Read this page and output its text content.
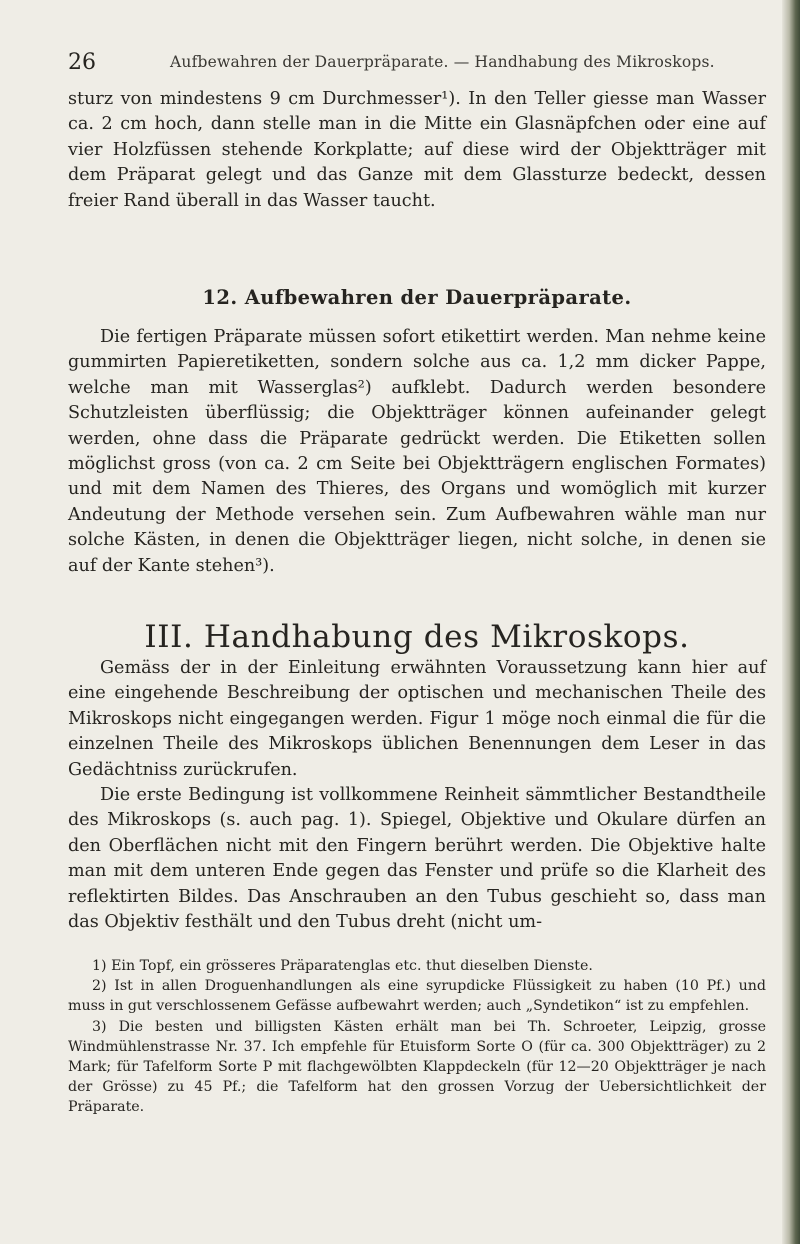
26	Aufbewahren der Dauerpräparate. — Handhabung des Mikroskops.

sturz von mindestens 9 cm Durchmesser¹). In den Teller giesse man Wasser ca. 2 cm hoch, dann stelle man in die Mitte ein Glasnäpfchen oder eine auf vier Holzfüssen stehende Korkplatte; auf diese wird der Objektträger mit dem Präparat gelegt und das Ganze mit dem Glassturze bedeckt, dessen freier Rand überall in das Wasser taucht.

12. Aufbewahren der Dauerpräparate.

Die fertigen Präparate müssen sofort etikettirt werden. Man nehme keine gummirten Papieretiketten, sondern solche aus ca. 1,2 mm dicker Pappe, welche man mit Wasserglas²) aufklebt. Dadurch werden besondere Schutzleisten überflüssig; die Objektträger können aufeinander gelegt werden, ohne dass die Präparate gedrückt werden. Die Etiketten sollen möglichst gross (von ca. 2 cm Seite bei Objektträgern englischen Formates) und mit dem Namen des Thieres, des Organs und womöglich mit kurzer Andeutung der Methode versehen sein. Zum Aufbewahren wähle man nur solche Kästen, in denen die Objektträger liegen, nicht solche, in denen sie auf der Kante stehen³).

III. Handhabung des Mikroskops.

Gemäss der in der Einleitung erwähnten Voraussetzung kann hier auf eine eingehende Beschreibung der optischen und mechanischen Theile des Mikroskops nicht eingegangen werden. Figur 1 möge noch einmal die für die einzelnen Theile des Mikroskops üblichen Benennungen dem Leser in das Gedächtniss zurückrufen.

Die erste Bedingung ist vollkommene Reinheit sämmtlicher Bestandtheile des Mikroskops (s. auch pag. 1). Spiegel, Objektive und Okulare dürfen an den Oberflächen nicht mit den Fingern berührt werden. Die Objektive halte man mit dem unteren Ende gegen das Fenster und prüfe so die Klarheit des reflektirten Bildes. Das Anschrauben an den Tubus geschieht so, dass man das Objektiv festhält und den Tubus dreht (nicht um-

1) Ein Topf, ein grösseres Präparatenglas etc. thut dieselben Dienste.

2) Ist in allen Droguenhandlungen als eine syrupdicke Flüssigkeit zu haben (10 Pf.) und muss in gut verschlossenem Gefässe aufbewahrt werden; auch „Syndetikon“ ist zu empfehlen.

3) Die besten und billigsten Kästen erhält man bei Th. Schroeter, Leipzig, grosse Windmühlenstrasse Nr. 37. Ich empfehle für Etuisform Sorte O (für ca. 300 Objektträger) zu 2 Mark; für Tafelform Sorte P mit flachgewölbten Klappdeckeln (für 12—20 Objektträger je nach der Grösse) zu 45 Pf.; die Tafelform hat den grossen Vorzug der Uebersichtlichkeit der Präparate.
